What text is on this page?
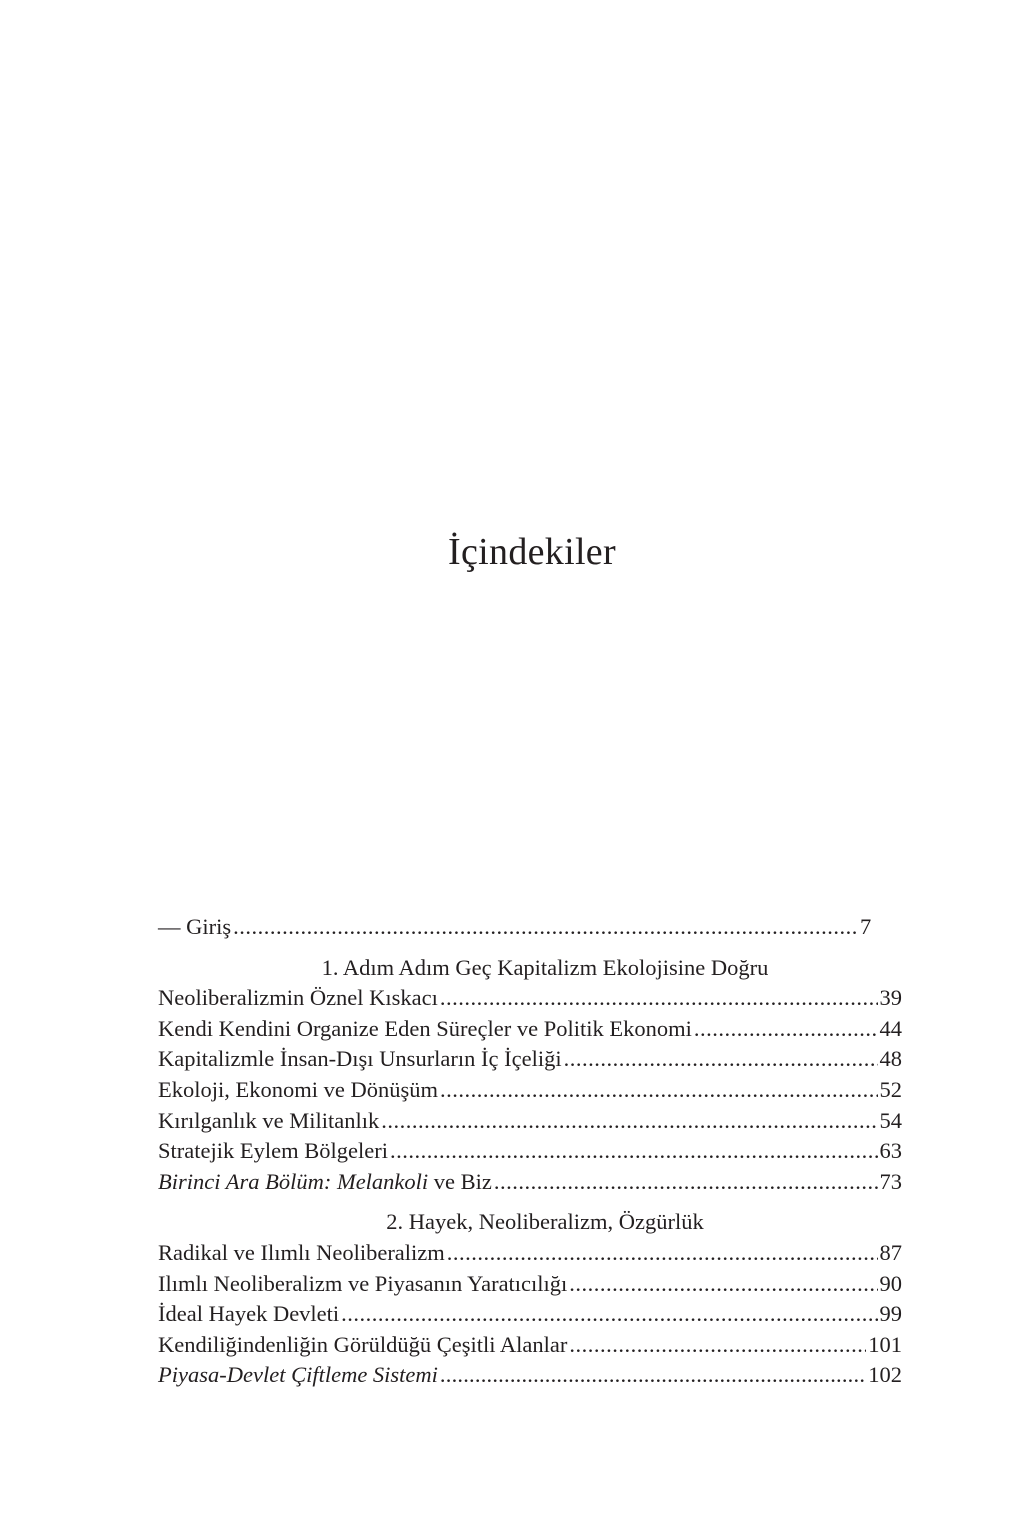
İçindekiler
— Giriş .....	7
1. Adım Adım Geç Kapitalizm Ekolojisine Doğru
Neoliberalizmin Öznel Kıskacı .....	39
Kendi Kendini Organize Eden Süreçler ve Politik Ekonomi .....	44
Kapitalizmle İnsan-Dışı Unsurların İç İçeliği .....	48
Ekoloji, Ekonomi ve Dönüşüm .....	52
Kırılganlık ve Militanlık .....	54
Stratejik Eylem Bölgeleri .....	63
Birinci Ara Bölüm: Melankoli ve Biz .....	73
2. Hayek, Neoliberalizm, Özgürlük
Radikal ve Ilımlı Neoliberalizm .....	87
Ilımlı Neoliberalizm ve Piyasanın Yaratıcılığı .....	90
İdeal Hayek Devleti .....	99
Kendiliğindenliğin Görüldüğü Çeşitli Alanlar .....	101
Piyasa-Devlet Çiftleme Sistemi .....	102
